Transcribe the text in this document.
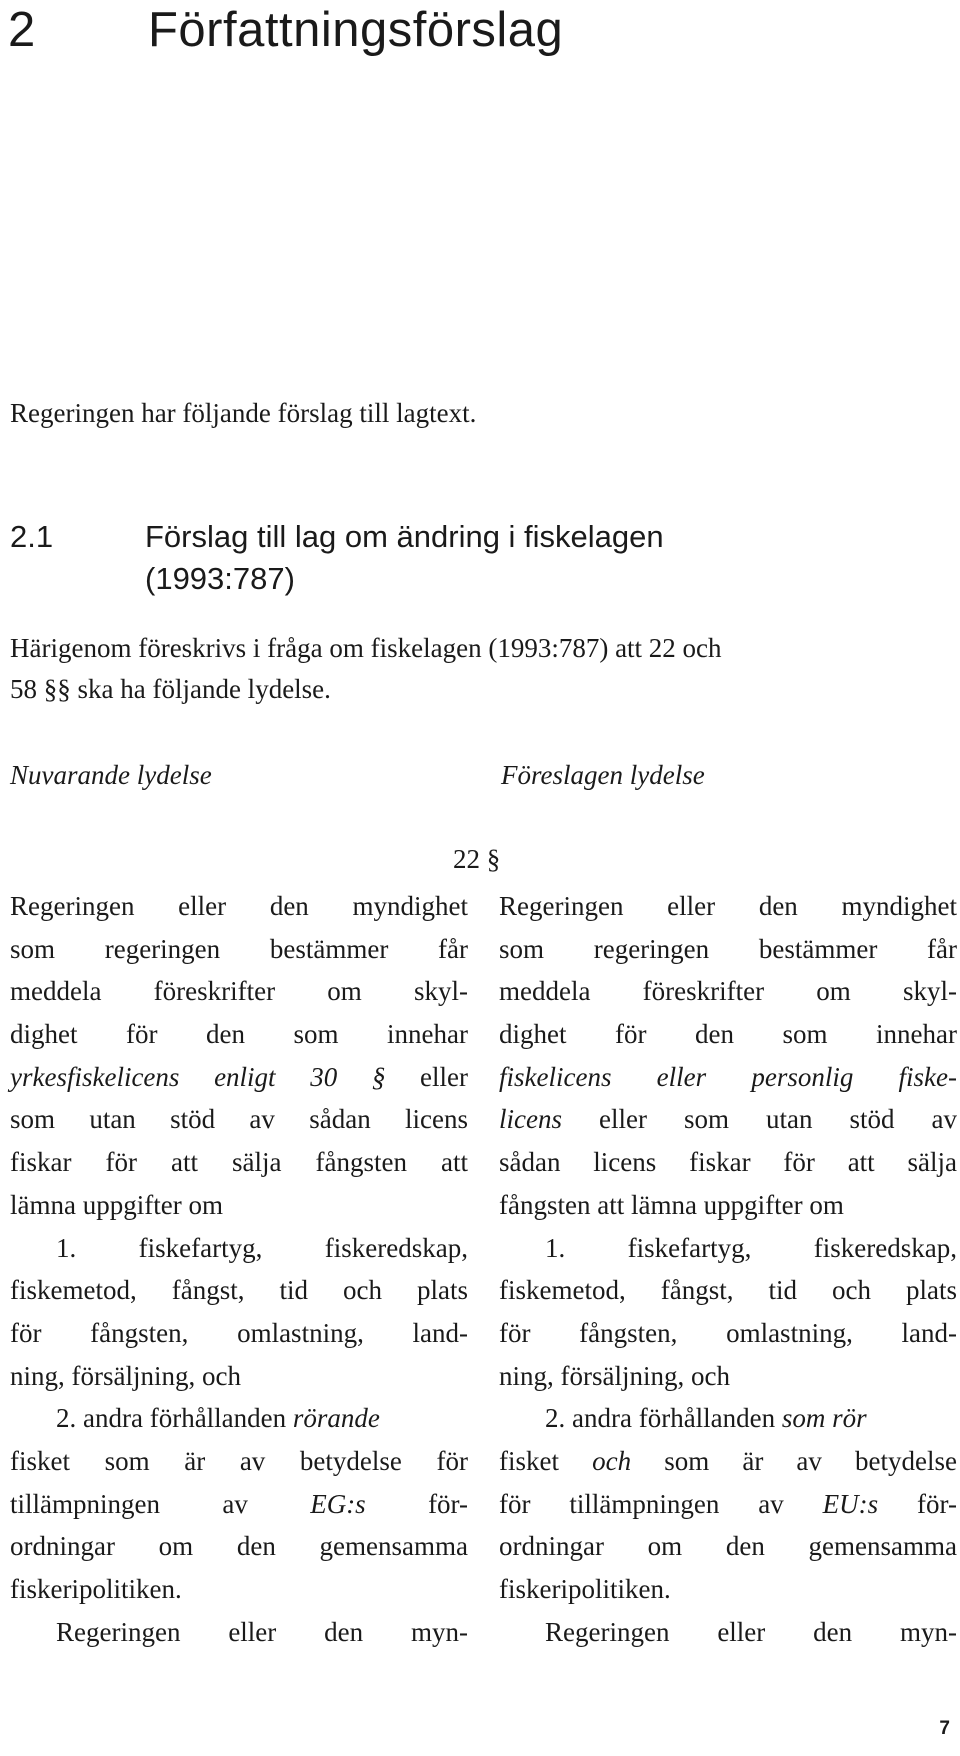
2 Författningsförslag
Regeringen har följande förslag till lagtext.
2.1	Förslag till lag om ändring i fiskelagen
(1993:787)
Härigenom föreskrivs i fråga om fiskelagen (1993:787) att 22 och
58 §§ ska ha följande lydelse.
Nuvarande lydelse	Föreslagen lydelse
22 §
Regeringen eller den myndighet
som regeringen bestämmer får
meddela föreskrifter om skyl-
dighet för den som innehar
yrkesfiskelicens enligt 30 § eller
som utan stöd av sådan licens
fiskar för att sälja fångsten att
lämna uppgifter om
1. fiskefartyg, fiskeredskap,
fiskemetod, fångst, tid och plats
för fångsten, omlastning, land-
ning, försäljning, och
2. andra förhållanden rörande
fisket som är av betydelse för
tillämpningen av EG:s för-
ordningar om den gemensamma
fiskeripolitiken.
Regeringen eller den myn-
Regeringen eller den myndighet
som regeringen bestämmer får
meddela föreskrifter om skyl-
dighet för den som innehar
fiskelicens eller personlig fiske-
licens eller som utan stöd av
sådan licens fiskar för att sälja
fångsten att lämna uppgifter om
1. fiskefartyg, fiskeredskap,
fiskemetod, fångst, tid och plats
för fångsten, omlastning, land-
ning, försäljning, och
2. andra förhållanden som rör
fisket och som är av betydelse
för tillämpningen av EU:s för-
ordningar om den gemensamma
fiskeripolitiken.
Regeringen eller den myn-
7
